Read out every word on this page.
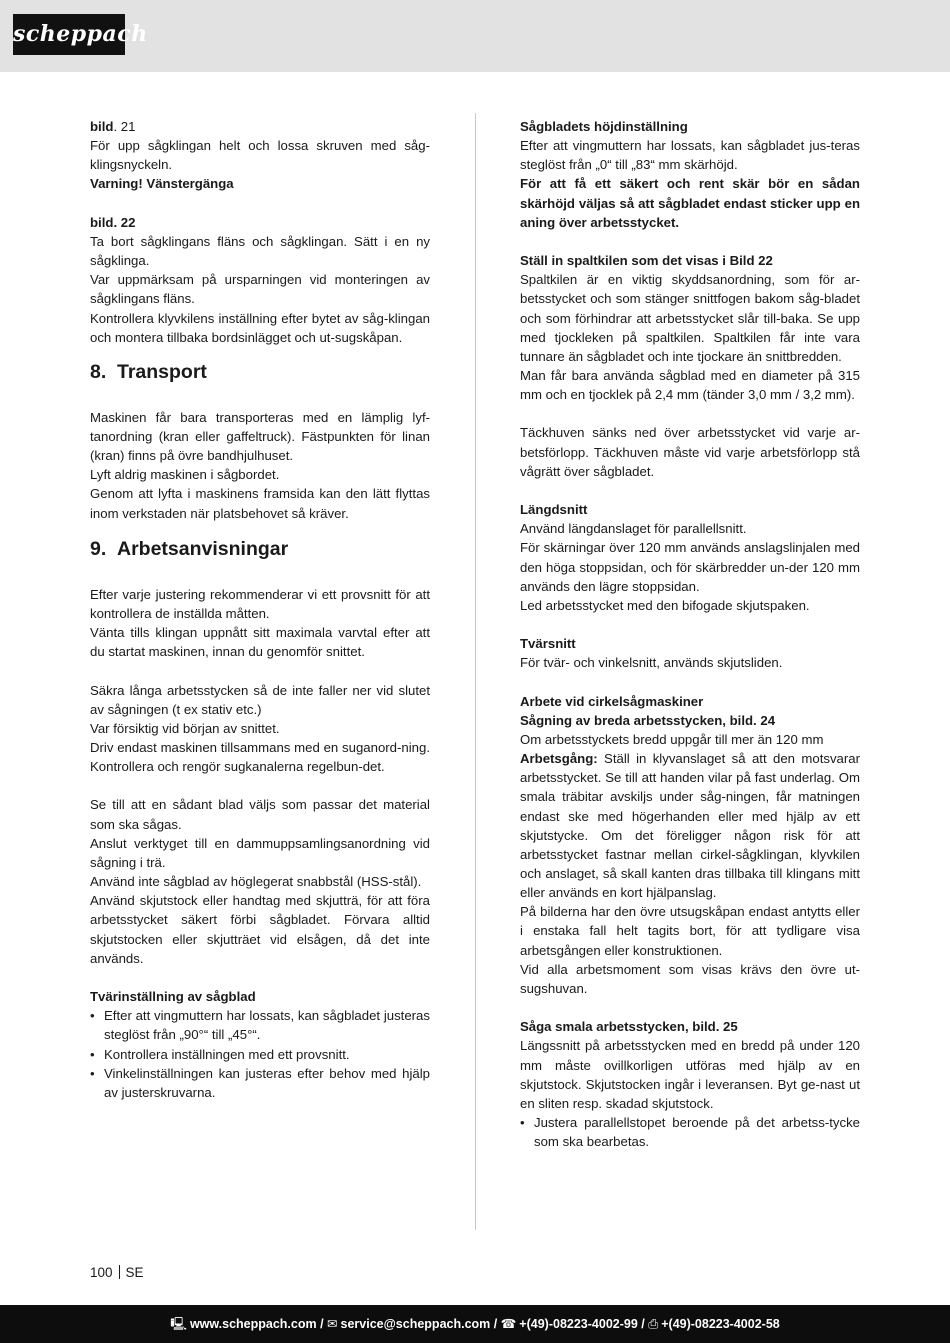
scheppach

bild. 21

För upp sågklingan helt och lossa skruven med såg-klingsnyckeln.

Varning! Vänstergänga

bild. 22

Ta bort sågklingans fläns och sågklingan. Sätt i en ny sågklinga.

Var uppmärksam på ursparningen vid monteringen av sågklingans fläns.

Kontrollera klyvkilens inställning efter bytet av såg-klingan och montera tillbaka bordsinlägget och ut-sugskåpan.

8. Transport

Maskinen får bara transporteras med en lämplig lyf-tanordning (kran eller gaffeltruck). Fästpunkten för linan (kran) finns på övre bandhjulhuset.

Lyft aldrig maskinen i sågbordet.

Genom att lyfta i maskinens framsida kan den lätt flyttas inom verkstaden när platsbehovet så kräver.

9. Arbetsanvisningar

Efter varje justering rekommenderar vi ett provsnitt för att kontrollera de inställda måtten.

Vänta tills klingan uppnått sitt maximala varvtal efter att du startat maskinen, innan du genomför snittet.

Säkra långa arbetsstycken så de inte faller ner vid slutet av sågningen (t ex stativ etc.)

Var försiktig vid början av snittet.

Driv endast maskinen tillsammans med en suganord-ning. Kontrollera och rengör sugkanalerna regelbun-det.

Se till att en sådant blad väljs som passar det material som ska sågas.

Anslut verktyget till en dammuppsamlingsanordning vid sågning i trä.

Använd inte sågblad av höglegerat snabbstål (HSS-stål).

Använd skjutstock eller handtag med skjutträ, för att föra arbetsstycket säkert förbi sågbladet. Förvara alltid skjutstocken eller skjutträet vid elsågen, då det inte används.

Tvärinställning av sågblad

• Efter att vingmuttern har lossats, kan sågbladet justeras steglöst från „90°“ till „45°“.
• Kontrollera inställningen med ett provsnitt.
• Vinkelinställningen kan justeras efter behov med hjälp av justerskruvarna.

Sågbladets höjdinställning

Efter att vingmuttern har lossats, kan sågbladet jus-teras steglöst från „0“ till „83“ mm skärhöjd.

För att få ett säkert och rent skär bör en sådan skärhöjd väljas så att sågbladet endast sticker upp en aning över arbetsstycket.

Ställ in spaltkilen som det visas i Bild 22

Spaltkilen är en viktig skyddsanordning, som för ar-betsstycket och som stänger snittfogen bakom såg-bladet och som förhindrar att arbetsstycket slår till-baka. Se upp med tjockleken på spaltkilen. Spaltkilen får inte vara tunnare än sågbladet och inte tjockare än snittbredden.

Man får bara använda sågblad med en diameter på 315 mm och en tjocklek på 2,4 mm (tänder 3,0 mm / 3,2 mm).

Täckhuven sänks ned över arbetsstycket vid varje ar-betsförlopp. Täckhuven måste vid varje arbetsförlopp stå vågrätt över sågbladet.

Längdsnitt

Använd längdanslaget för parallellsnitt.

För skärningar över 120 mm används anslagslinjalen med den höga stoppsidan, och för skärbredder un-der 120 mm används den lägre stoppsidan.

Led arbetsstycket med den bifogade skjutspaken.

Tvärsnitt

För tvär- och vinkelsnitt, används skjutsliden.

Arbete vid cirkelsågmaskiner

Sågning av breda arbetsstycken, bild. 24

Om arbetsstyckets bredd uppgår till mer än 120 mm

Arbetsgång: Ställ in klyvanslaget så att den motsvarar arbetsstycket. Se till att handen vilar på fast underlag. Om smala träbitar avskiljs under såg-ningen, får matningen endast ske med högerhanden eller med hjälp av ett skjutstycke. Om det föreligger någon risk för att arbetsstycket fastnar mellan cirkel-sågklingan, klyvkilen och anslaget, så skall kanten dras tillbaka till klingans mitt eller används en kort hjälpanslag.

På bilderna har den övre utsugskåpan endast antytts eller i enstaka fall helt tagits bort, för att tydligare visa arbetsgången eller konstruktionen.

Vid alla arbetsmoment som visas krävs den övre ut-sugshuvan.

Såga smala arbetsstycken, bild. 25

Längssnitt på arbetsstycken med en bredd på under 120 mm måste ovillkorligen utföras med hjälp av en skjutstock. Skjutstocken ingår i leveransen. Byt ge-nast ut en sliten resp. skadad skjutstock.

• Justera parallellstopet beroende på det arbetss-tycke som ska bearbetas.
100 SE
🖳 www.scheppach.com / ✉ service@scheppach.com / ☎ +(49)-08223-4002-99 / ⎙ +(49)-08223-4002-58
